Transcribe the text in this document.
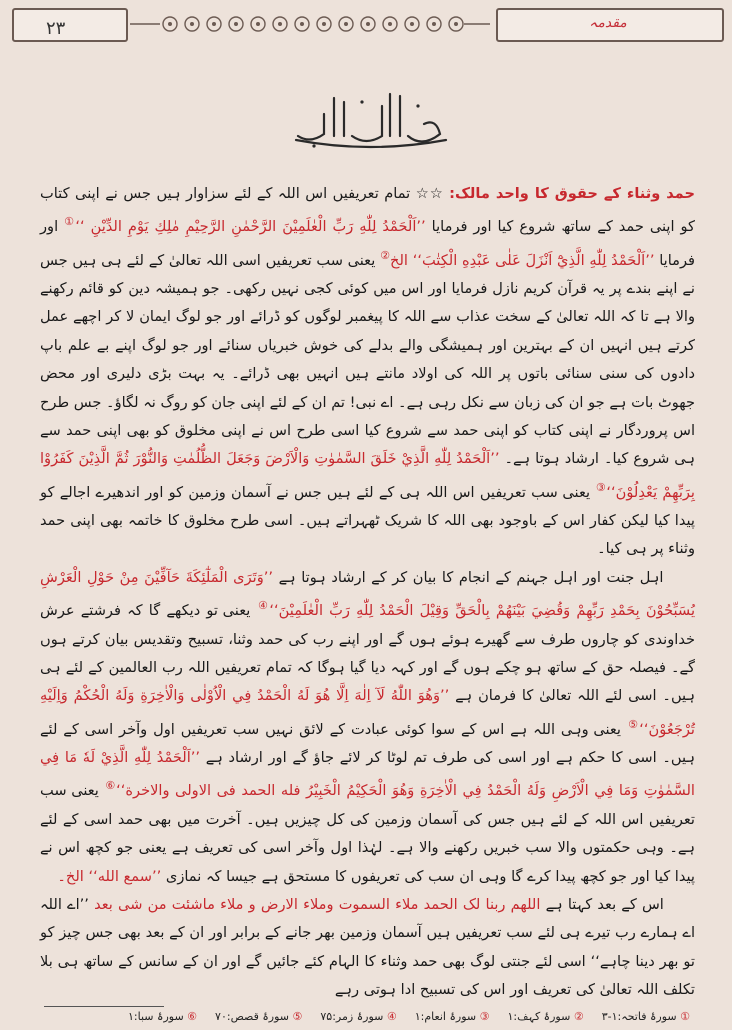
۲۳	مقدمہ

حمد وثناء کے حقوق کا واحد مالک: ☆☆ تمام تعریفیں اس اللہ کے لئے سزاوار ہیں جس نے اپنی کتاب کو اپنی حمد کے ساتھ شروع کیا اور فرمایا ’’اَلْحَمْدُ لِلّٰهِ رَبِّ الْعٰلَمِيْنَ الرَّحْمٰنِ الرَّحِيْمِ مٰلِكِ يَوْمِ الدِّيْنِ ‘‘① اور فرمایا ’’اَلْحَمْدُ لِلّٰهِ الَّذِيْٓ اَنْزَلَ عَلٰى عَبْدِهِ الْكِتٰبَ‘‘ الخ② یعنی سب تعریفیں اسی اللہ تعالیٰ کے لئے ہی ہیں جس نے اپنے بندے پر یہ قرآن کریم نازل فرمایا اور اس میں کوئی کجی نہیں رکھی۔ جو ہمیشہ دین کو قائم رکھنے والا ہے تا کہ اللہ تعالیٰ کے سخت عذاب سے اللہ کا پیغمبر لوگوں کو ڈرائے اور جو لوگ ایمان لا کر اچھے عمل کرتے ہیں انہیں ان کے بہترین اور ہمیشگی والے بدلے کی خوش خبریاں سنائے اور جو لوگ اپنے بے علم باپ دادوں کی سنی سنائی باتوں پر اللہ کی اولاد مانتے ہیں انہیں بھی ڈرائے۔ یہ بہت بڑی دلیری اور محض جھوٹ بات ہے جو ان کی زبان سے نکل رہی ہے۔ اے نبی! تم ان کے لئے اپنی جان کو روگ نہ لگاؤ۔ جس طرح اس پروردگار نے اپنی کتاب کو اپنی حمد سے شروع کیا اسی طرح اس نے اپنی مخلوق کو بھی اپنی حمد سے ہی شروع کیا۔ ارشاد ہوتا ہے۔ ’’اَلْحَمْدُ لِلّٰهِ الَّذِيْ خَلَقَ السَّمٰوٰتِ وَالْاَرْضَ وَجَعَلَ الظُّلُمٰتِ وَالنُّوْرَ ثُمَّ الَّذِيْنَ كَفَرُوْا بِرَبِّهِمْ يَعْدِلُوْنَ‘‘③ یعنی سب تعریفیں اس اللہ ہی کے لئے ہیں جس نے آسمان وزمین کو اور اندھیرے اجالے کو پیدا کیا لیکن کفار اس کے باوجود بھی اللہ کا شریک ٹھہراتے ہیں۔ اسی طرح مخلوق کا خاتمہ بھی اپنی حمد وثناء پر ہی کیا۔

اہل جنت اور اہل جہنم کے انجام کا بیان کر کے ارشاد ہوتا ہے ’’وَتَرَى الْمَلٰٓئِكَةَ حَآفِّيْنَ مِنْ حَوْلِ الْعَرْشِ يُسَبِّحُوْنَ بِحَمْدِ رَبِّهِمْ وَقُضِيَ بَيْنَهُمْ بِالْحَقِّ وَقِيْلَ الْحَمْدُ لِلّٰهِ رَبِّ الْعٰلَمِيْنَ‘‘④ یعنی تو دیکھے گا کہ فرشتے عرش خداوندی کو چاروں طرف سے گھیرے ہوئے ہوں گے اور اپنے رب کی حمد وثنا، تسبیح وتقدیس بیان کرتے ہوں گے۔ فیصلہ حق کے ساتھ ہو چکے ہوں گے اور کہہ دیا گیا ہوگا کہ تمام تعریفیں اللہ رب العالمین کے لئے ہی ہیں۔ اسی لئے اللہ تعالیٰ کا فرمان ہے ’’وَهُوَ اللّٰهُ لَآ اِلٰهَ اِلَّا هُوَ لَهُ الْحَمْدُ فِي الْاُوْلٰى وَالْاٰخِرَةِ وَلَهُ الْحُكْمُ وَاِلَيْهِ تُرْجَعُوْنَ‘‘⑤ یعنی وہی اللہ ہے اس کے سوا کوئی عبادت کے لائق نہیں سب تعریفیں اول وآخر اسی کے لئے ہیں۔ اسی کا حکم ہے اور اسی کی طرف تم لوٹا کر لائے جاؤ گے اور ارشاد ہے ’’اَلْحَمْدُ لِلّٰهِ الَّذِيْ لَهٗ مَا فِي السَّمٰوٰتِ وَمَا فِي الْاَرْضِ وَلَهُ الْحَمْدُ فِي الْاٰخِرَةِ وَهُوَ الْحَكِيْمُ الْخَبِيْرُ فله الحمد فی الاولی والاخرة‘‘⑥ یعنی سب تعریفیں اس اللہ کے لئے ہیں جس کی آسمان وزمین کی کل چیزیں ہیں۔ آخرت میں بھی حمد اسی کے لئے ہے۔ وہی حکمتوں والا سب خبریں رکھنے والا ہے۔ لہٰذا اول وآخر اسی کی تعریف ہے یعنی جو کچھ اس نے پیدا کیا اور جو کچھ پیدا کرے گا وہی ان سب کی تعریفوں کا مستحق ہے جیسا کہ نمازی ’’سمع الله‘‘ الخ۔

اس کے بعد کہتا ہے اللھم ربنا لک الحمد ملاء السموت وملاء الارض و ملاء ماشئت من شی بعد ’’اے اللہ اے ہمارے رب تیرے ہی لئے سب تعریفیں ہیں آسمان وزمین بھر جانے کے برابر اور ان کے بعد بھی جس چیز کو تو بھر دینا چاہے‘‘ اسی لئے جنتی لوگ بھی حمد وثناء کا الہام کئے جائیں گے اور ان کے سانس کے ساتھ ہی بلا تکلف اللہ تعالیٰ کی تعریف اور اس کی تسبیح ادا ہوتی رہے

① سورۂ فاتحہ:۱-۳
② سورۂ کہف:۱
③ سورۂ انعام:۱
④ سورۂ زمر:۷۵
⑤ سورۂ قصص:۷۰
⑥ سورۂ سبا:۱
